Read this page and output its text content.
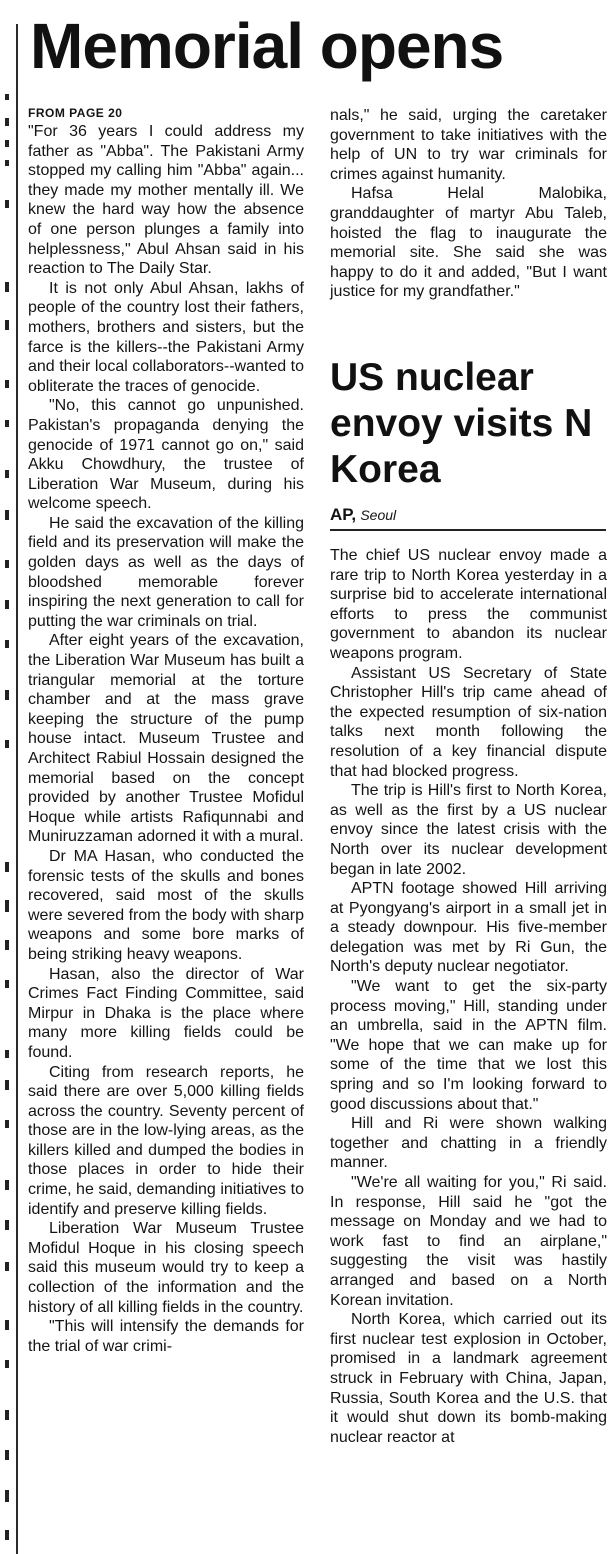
Memorial opens
FROM PAGE 20

"For 36 years I could address my father as "Abba". The Pakistani Army stopped my calling him "Abba" again... they made my mother mentally ill. We knew the hard way how the absence of one person plunges a family into helplessness," Abul Ahsan said in his reaction to The Daily Star.

It is not only Abul Ahsan, lakhs of people of the country lost their fathers, mothers, brothers and sisters, but the farce is the killers--the Pakistani Army and their local collaborators--wanted to obliterate the traces of genocide.

"No, this cannot go unpunished. Pakistan's propaganda denying the genocide of 1971 cannot go on," said Akku Chowdhury, the trustee of Liberation War Museum, during his welcome speech.

He said the excavation of the killing field and its preservation will make the golden days as well as the days of bloodshed memorable forever inspiring the next generation to call for putting the war criminals on trial.

After eight years of the excavation, the Liberation War Museum has built a triangular memorial at the torture chamber and at the mass grave keeping the structure of the pump house intact. Museum Trustee and Architect Rabiul Hossain designed the memorial based on the concept provided by another Trustee Mofidul Hoque while artists Rafiqunnabi and Muniruzzaman adorned it with a mural.

Dr MA Hasan, who conducted the forensic tests of the skulls and bones recovered, said most of the skulls were severed from the body with sharp weapons and some bore marks of being striking heavy weapons.

Hasan, also the director of War Crimes Fact Finding Committee, said Mirpur in Dhaka is the place where many more killing fields could be found.

Citing from research reports, he said there are over 5,000 killing fields across the country. Seventy percent of those are in the low-lying areas, as the killers killed and dumped the bodies in those places in order to hide their crime, he said, demanding initiatives to identify and preserve killing fields.

Liberation War Museum Trustee Mofidul Hoque in his closing speech said this museum would try to keep a collection of the information and the history of all killing fields in the country.

"This will intensify the demands for the trial of war crimi-

nals," he said, urging the caretaker government to take initiatives with the help of UN to try war criminals for crimes against humanity.

Hafsa Helal Malobika, granddaughter of martyr Abu Taleb, hoisted the flag to inaugurate the memorial site. She said she was happy to do it and added, "But I want justice for my grandfather."

US nuclear envoy visits N Korea
AP, Seoul

The chief US nuclear envoy made a rare trip to North Korea yesterday in a surprise bid to accelerate international efforts to press the communist government to abandon its nuclear weapons program.

Assistant US Secretary of State Christopher Hill's trip came ahead of the expected resumption of six-nation talks next month following the resolution of a key financial dispute that had blocked progress.

The trip is Hill's first to North Korea, as well as the first by a US nuclear envoy since the latest crisis with the North over its nuclear development began in late 2002.

APTN footage showed Hill arriving at Pyongyang's airport in a small jet in a steady downpour. His five-member delegation was met by Ri Gun, the North's deputy nuclear negotiator.

"We want to get the six-party process moving," Hill, standing under an umbrella, said in the APTN film. "We hope that we can make up for some of the time that we lost this spring and so I'm looking forward to good discussions about that."

Hill and Ri were shown walking together and chatting in a friendly manner.

"We're all waiting for you," Ri said. In response, Hill said he "got the message on Monday and we had to work fast to find an airplane," suggesting the visit was hastily arranged and based on a North Korean invitation.

North Korea, which carried out its first nuclear test explosion in October, promised in a landmark agreement struck in February with China, Japan, Russia, South Korea and the U.S. that it would shut down its bomb-making nuclear reactor at
